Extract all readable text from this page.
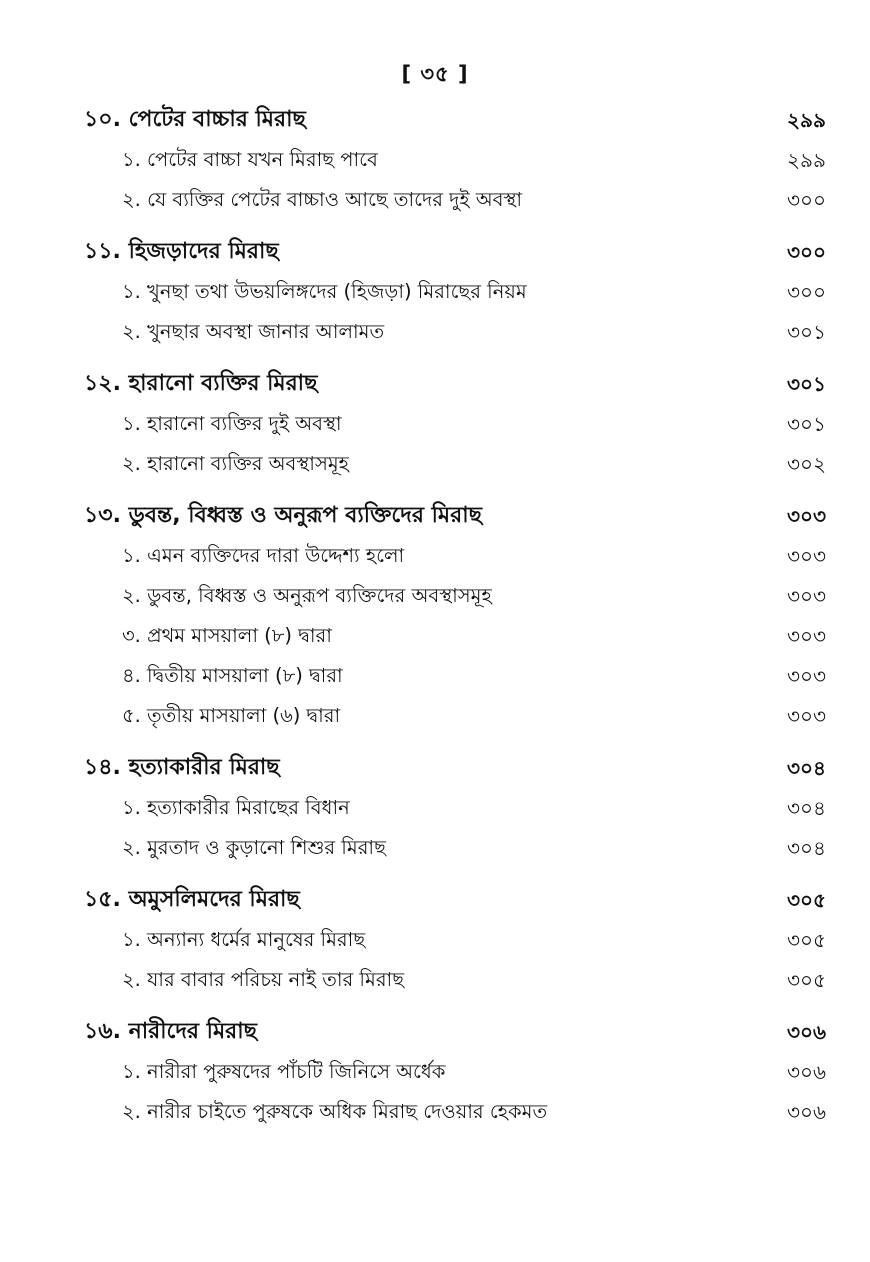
[ ৩৫ ]
১০. পেটের বাচ্চার মিরাছ	২৯৯
১. পেটের বাচ্চা যখন মিরাছ পাবে	২৯৯
২. যে ব্যক্তির পেটের বাচ্চাও আছে তাদের দুই অবস্থা	৩০০
১১. হিজড়াদের মিরাছ	৩০০
১. খুনছা তথা উভয়লিঙ্গদের (হিজড়া) মিরাছের নিয়ম	৩০০
২. খুনছার অবস্থা জানার আলামত	৩০১
১২. হারানো ব্যক্তির মিরাছ	৩০১
১. হারানো ব্যক্তির দুই অবস্থা	৩০১
২. হারানো ব্যক্তির অবস্থাসমূহ	৩০২
১৩. ডুবন্ত, বিধ্বস্ত ও অনুরূপ ব্যক্তিদের মিরাছ	৩০৩
১. এমন ব্যক্তিদের দারা উদ্দেশ্য হলো	৩০৩
২. ডুবন্ত, বিধ্বস্ত ও অনুরূপ ব্যক্তিদের অবস্থাসমূহ	৩০৩
৩. প্রথম মাসয়ালা (৮) দ্বারা	৩০৩
৪. দ্বিতীয় মাসয়ালা (৮) দ্বারা	৩০৩
৫. তৃতীয় মাসয়ালা (৬) দ্বারা	৩০৩
১৪. হত্যাকারীর মিরাছ	৩০৪
১. হত্যাকারীর মিরাছের বিধান	৩০৪
২. মুরতাদ ও কুড়ানো শিশুর মিরাছ	৩০৪
১৫. অমুসলিমদের মিরাছ	৩০৫
১. অন্যান্য ধর্মের মানুষের মিরাছ	৩০৫
২. যার বাবার পরিচয় নাই তার মিরাছ	৩০৫
১৬. নারীদের মিরাছ	৩০৬
১. নারীরা পুরুষদের পাঁচটি জিনিসে অর্ধেক	৩০৬
২. নারীর চাইতে পুরুষকে অধিক মিরাছ দেওয়ার হেকমত	৩০৬
